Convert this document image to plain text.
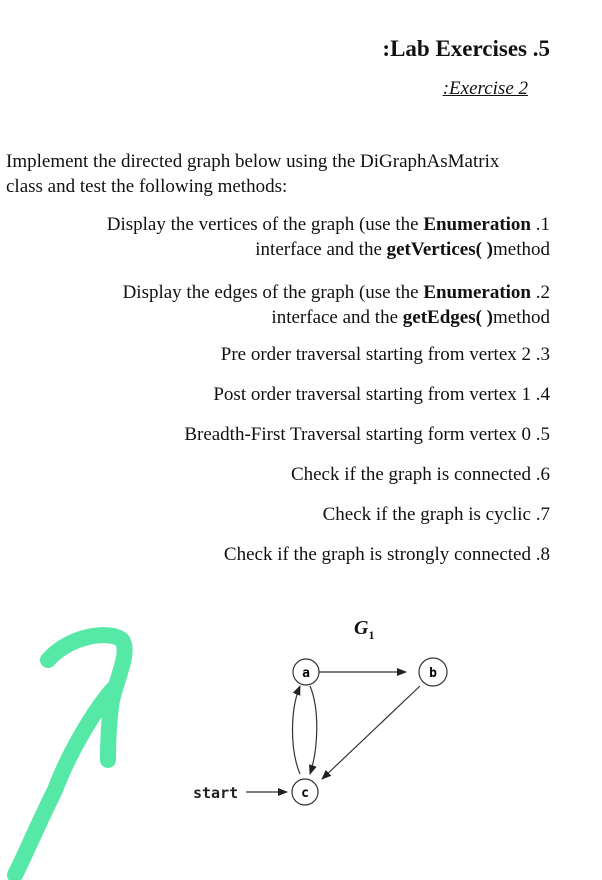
:Lab Exercises .5
:Exercise 2
Implement the directed graph below using the DiGraphAsMatrix
class and test the following methods:
Display the vertices of the graph (use the Enumeration .1
interface and the getVertices( )method
Display the edges of the graph (use the Enumeration .2
interface and the getEdges( )method
Pre order traversal starting from vertex 2 .3
Post order traversal starting from vertex 1 .4
Breadth-First Traversal starting form vertex 0 .5
Check if the graph is connected .6
Check if the graph is cyclic .7
Check if the graph is strongly connected .8
$G_1$
a	b
c
start
